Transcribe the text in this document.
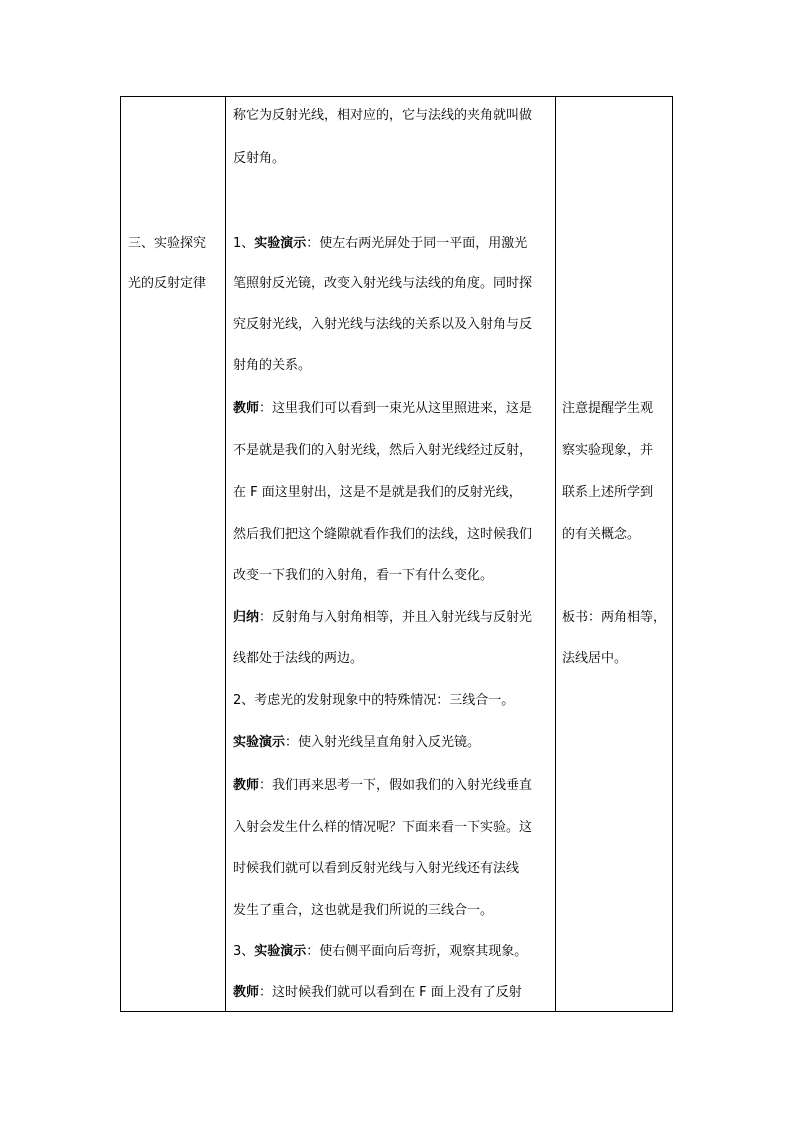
三、实验探究
光的反射定律
称它为反射光线，相对应的，它与法线的夹角就叫做
反射角。
1、实验演示：使左右两光屏处于同一平面，用激光
笔照射反光镜，改变入射光线与法线的角度。同时探
究反射光线，入射光线与法线的关系以及入射角与反
射角的关系。
教师：这里我们可以看到一束光从这里照进来，这是
不是就是我们的入射光线，然后入射光线经过反射，
在 F 面这里射出，这是不是就是我们的反射光线，
然后我们把这个缝隙就看作我们的法线，这时候我们
改变一下我们的入射角，看一下有什么变化。
归纳：反射角与入射角相等，并且入射光线与反射光
线都处于法线的两边。
2、考虑光的发射现象中的特殊情况：三线合一。
实验演示：使入射光线呈直角射入反光镜。
教师：我们再来思考一下，假如我们的入射光线垂直
入射会发生什么样的情况呢？下面来看一下实验。这
时候我们就可以看到反射光线与入射光线还有法线
发生了重合，这也就是我们所说的三线合一。
3、实验演示：使右侧平面向后弯折，观察其现象。
教师：这时候我们就可以看到在 F 面上没有了反射
注意提醒学生观
察实验现象，并
联系上述所学到
的有关概念。
板书：两角相等，
法线居中。
